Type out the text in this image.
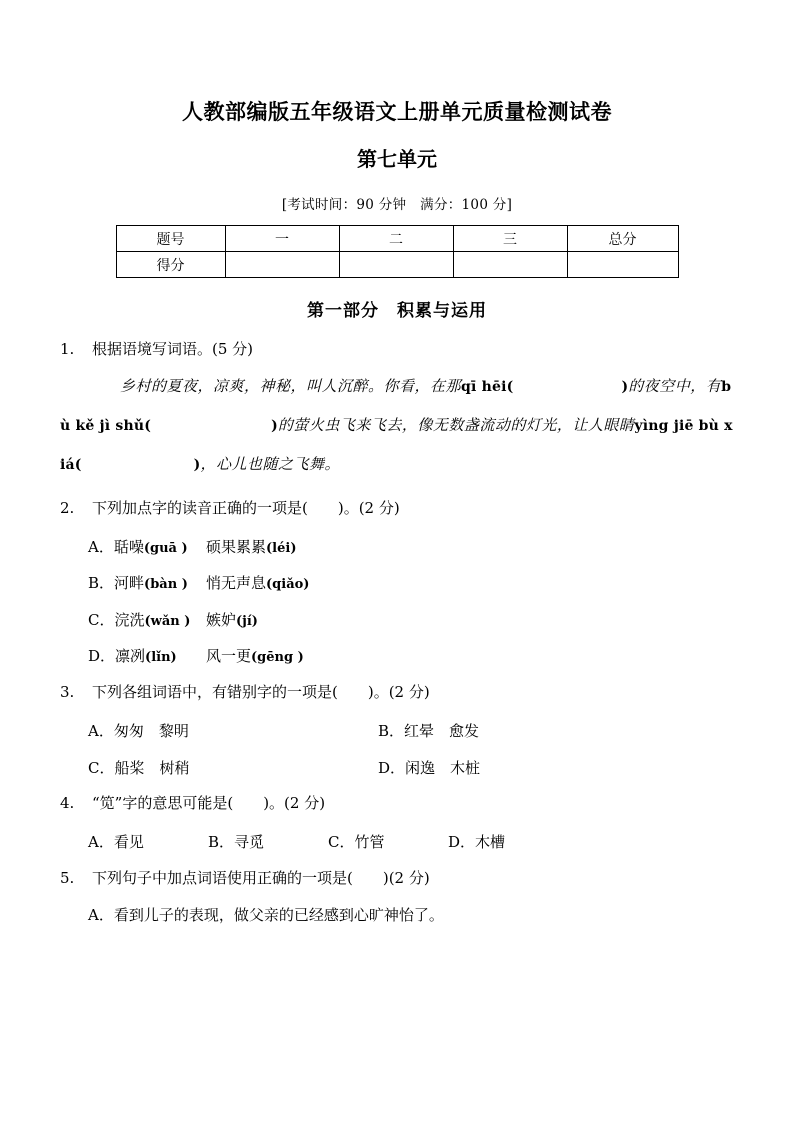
人教部编版五年级语文上册单元质量检测试卷
第七单元
[考试时间：90 分钟　满分：100 分]
题号	一	二	三	总分
得分				
第一部分　积累与运用
1. 根据语境写词语。(5 分)
乡村的夏夜，凉爽，神秘，叫人沉醉。你看，在那qī hēi(	)的夜空中，有bù kě jì shǔ(	)的萤火虫飞来飞去，像无数盏流动的灯光，让人眼睛yìng jiē bù xiá(	)，心儿也随之飞舞。
2. 下列加点字的读音正确的一项是(　　)。(2 分)
A．聒噪(guā ) 硕果累累(léi)
B．河畔(bàn ) 悄无声息(qiǎo)
C．浣洗(wǎn ) 嫉妒(jí)
D．凛冽(lǐn) 风一更(gēng )
3. 下列各组词语中，有错别字的一项是(　　)。(2 分)
A．匆匆　黎明	B．红晕　愈发
C．船桨　树稍	D．闲逸　木桩
4. “笕”字的意思可能是(　　)。(2 分)
A．看见	B．寻觅	C．竹管	D．木槽
5. 下列句子中加点词语使用正确的一项是(　　)(2 分)
A．看到儿子的表现，做父亲的已经感到心旷神怡了。
